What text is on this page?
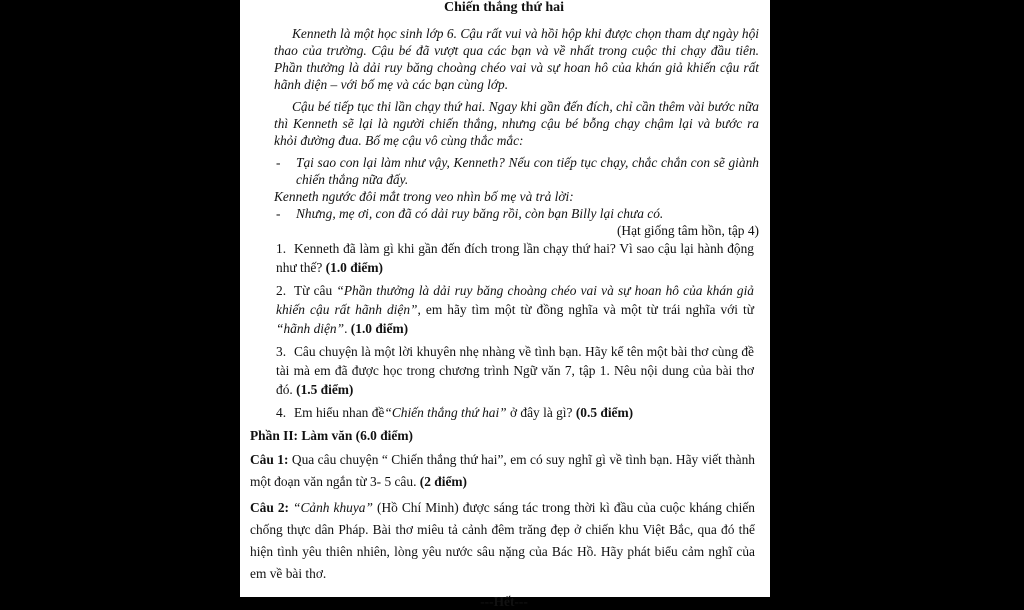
Chiến thắng thứ hai

Kenneth là một học sinh lớp 6. Cậu rất vui và hồi hộp khi được chọn tham dự ngày hội thao của trường. Cậu bé đã vượt qua các bạn và về nhất trong cuộc thi chạy đầu tiên. Phần thưởng là dải ruy băng choàng chéo vai và sự hoan hô của khán giả khiến cậu rất hãnh diện – với bố mẹ và các bạn cùng lớp.

Cậu bé tiếp tục thi lần chạy thứ hai. Ngay khi gần đến đích, chỉ cần thêm vài bước nữa thì Kenneth sẽ lại là người chiến thắng, nhưng cậu bé bỗng chạy chậm lại và bước ra khỏi đường đua. Bố mẹ cậu vô cùng thắc mắc:

- Tại sao con lại làm như vậy, Kenneth? Nếu con tiếp tục chạy, chắc chắn con sẽ giành chiến thắng nữa đấy.

Kenneth ngước đôi mắt trong veo nhìn bố mẹ và trả lời:

- Nhưng, mẹ ơi, con đã có dải ruy băng rồi, còn bạn Billy lại chưa có.

(Hạt giống tâm hồn, tập 4)

1. Kenneth đã làm gì khi gần đến đích trong lần chạy thứ hai? Vì sao cậu lại hành động như thế? (1.0 điểm)

2. Từ câu “Phần thưởng là dải ruy băng choàng chéo vai và sự hoan hô của khán giả khiến cậu rất hãnh diện”, em hãy tìm một từ đồng nghĩa và một từ trái nghĩa với từ “hãnh diện”. (1.0 điểm)

3. Câu chuyện là một lời khuyên nhẹ nhàng về tình bạn. Hãy kể tên một bài thơ cùng đề tài mà em đã được học trong chương trình Ngữ văn 7, tập 1. Nêu nội dung của bài thơ đó. (1.5 điểm)

4. Em hiểu nhan đề“Chiến thắng thứ hai” ở đây là gì? (0.5 điểm)

Phần II: Làm văn (6.0 điểm)

Câu 1: Qua câu chuyện “ Chiến thắng thứ hai”, em có suy nghĩ gì về tình bạn. Hãy viết thành một đoạn văn ngắn từ 3- 5 câu. (2 điểm)

Câu 2: “Cảnh khuya” (Hồ Chí Minh) được sáng tác trong thời kì đầu của cuộc kháng chiến chống thực dân Pháp. Bài thơ miêu tả cảnh đêm trăng đẹp ở chiến khu Việt Bắc, qua đó thể hiện tình yêu thiên nhiên, lòng yêu nước sâu nặng của Bác Hồ. Hãy phát biểu cảm nghĩ của em về bài thơ.

---Hết---
